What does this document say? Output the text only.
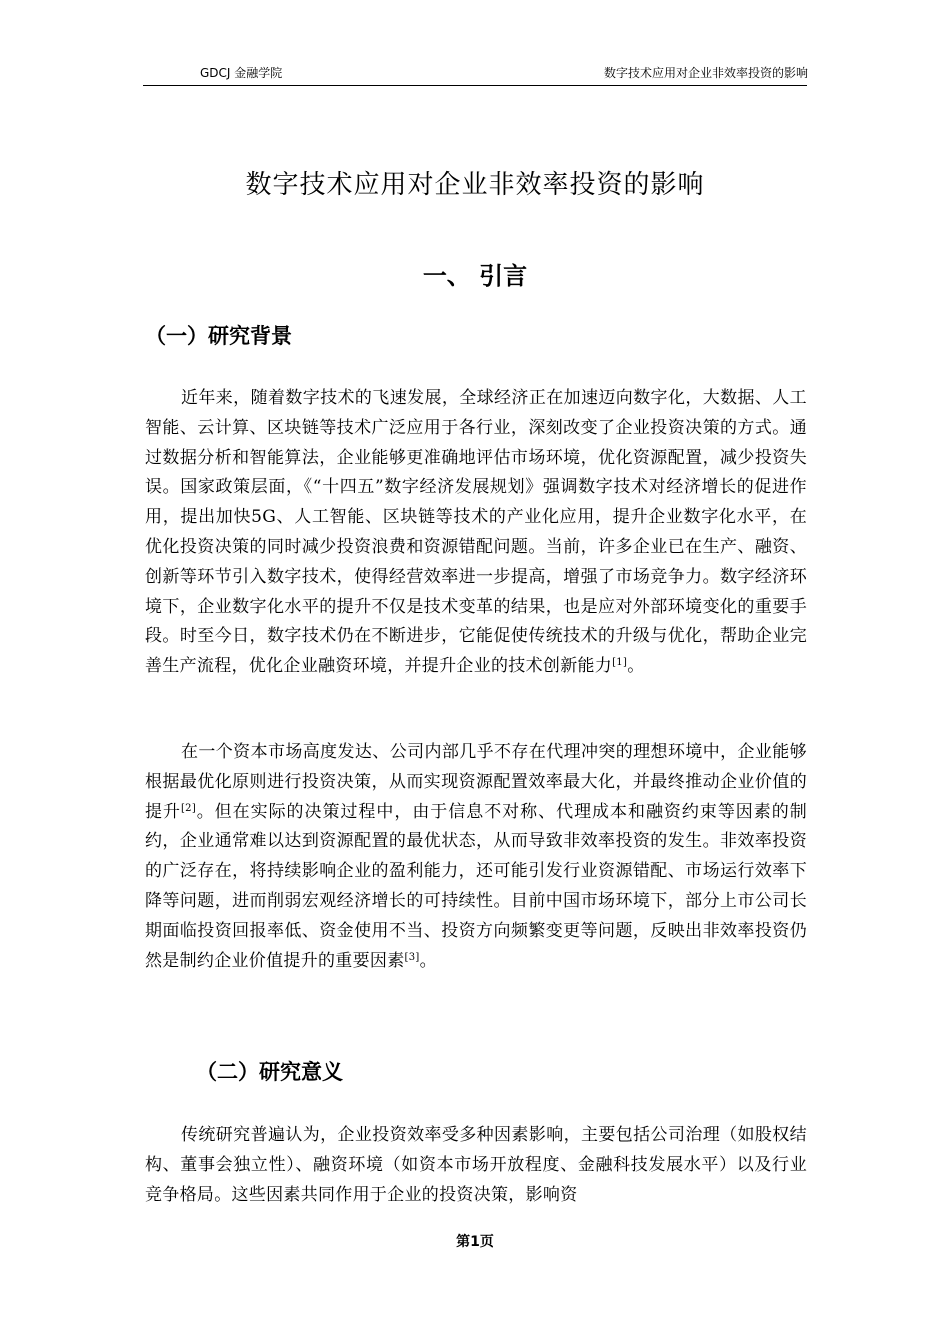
GDCJ 金融学院	数字技术应用对企业非效率投资的影响
数字技术应用对企业非效率投资的影响
一、 引言
（一）研究背景

近年来，随着数字技术的飞速发展，全球经济正在加速迈向数字化，大数据、人工智能、云计算、区块链等技术广泛应用于各行业，深刻改变了企业投资决策的方式。通过数据分析和智能算法，企业能够更准确地评估市场环境，优化资源配置，减少投资失误。国家政策层面，《“十四五”数字经济发展规划》强调数字技术对经济增长的促进作用，提出加快5G、人工智能、区块链等技术的产业化应用，提升企业数字化水平，在优化投资决策的同时减少投资浪费和资源错配问题。当前，许多企业已在生产、融资、创新等环节引入数字技术，使得经营效率进一步提高，增强了市场竞争力。数字经济环境下，企业数字化水平的提升不仅是技术变革的结果，也是应对外部环境变化的重要手段。时至今日，数字技术仍在不断进步，它能促使传统技术的升级与优化，帮助企业完善生产流程，优化企业融资环境，并提升企业的技术创新能力[1]。

在一个资本市场高度发达、公司内部几乎不存在代理冲突的理想环境中，企业能够根据最优化原则进行投资决策，从而实现资源配置效率最大化，并最终推动企业价值的提升[2]。但在实际的决策过程中，由于信息不对称、代理成本和融资约束等因素的制约，企业通常难以达到资源配置的最优状态，从而导致非效率投资的发生。非效率投资的广泛存在，将持续影响企业的盈利能力，还可能引发行业资源错配、市场运行效率下降等问题，进而削弱宏观经济增长的可持续性。目前中国市场环境下，部分上市公司长期面临投资回报率低、资金使用不当、投资方向频繁变更等问题，反映出非效率投资仍然是制约企业价值提升的重要因素[3]。

（二）研究意义

传统研究普遍认为，企业投资效率受多种因素影响，主要包括公司治理（如股权结构、董事会独立性）、融资环境（如资本市场开放程度、金融科技发展水平）以及行业竞争格局。这些因素共同作用于企业的投资决策，影响资

第1页
